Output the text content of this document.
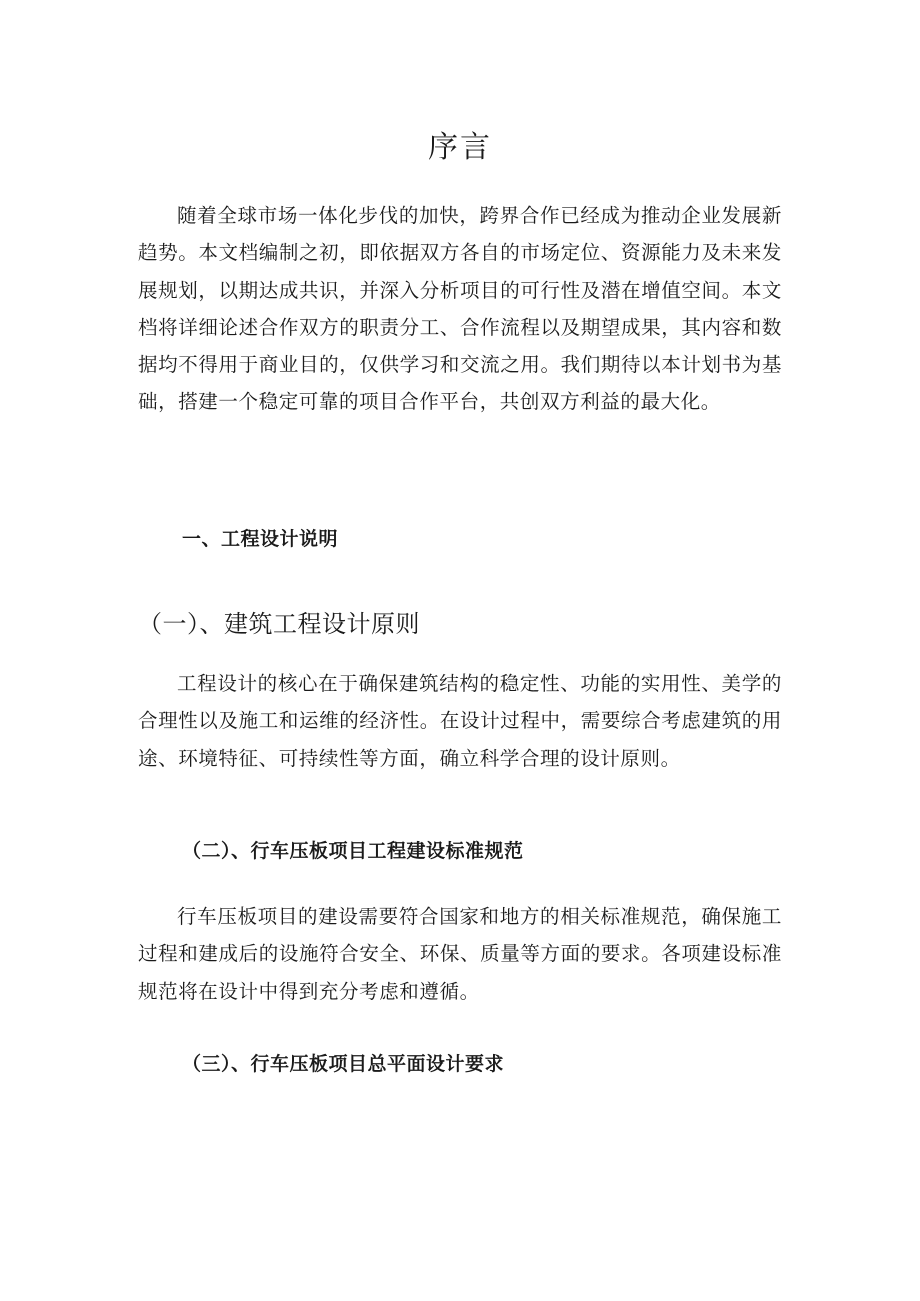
序言

随着全球市场一体化步伐的加快，跨界合作已经成为推动企业发展新趋势。本文档编制之初，即依据双方各自的市场定位、资源能力及未来发展规划，以期达成共识，并深入分析项目的可行性及潜在增值空间。本文档将详细论述合作双方的职责分工、合作流程以及期望成果，其内容和数据均不得用于商业目的，仅供学习和交流之用。我们期待以本计划书为基础，搭建一个稳定可靠的项目合作平台，共创双方利益的最大化。

一、工程设计说明
（一）、建筑工程设计原则

工程设计的核心在于确保建筑结构的稳定性、功能的实用性、美学的合理性以及施工和运维的经济性。在设计过程中，需要综合考虑建筑的用途、环境特征、可持续性等方面，确立科学合理的设计原则。

（二）、行车压板项目工程建设标准规范

行车压板项目的建设需要符合国家和地方的相关标准规范，确保施工过程和建成后的设施符合安全、环保、质量等方面的要求。各项建设标准规范将在设计中得到充分考虑和遵循。

（三）、行车压板项目总平面设计要求
